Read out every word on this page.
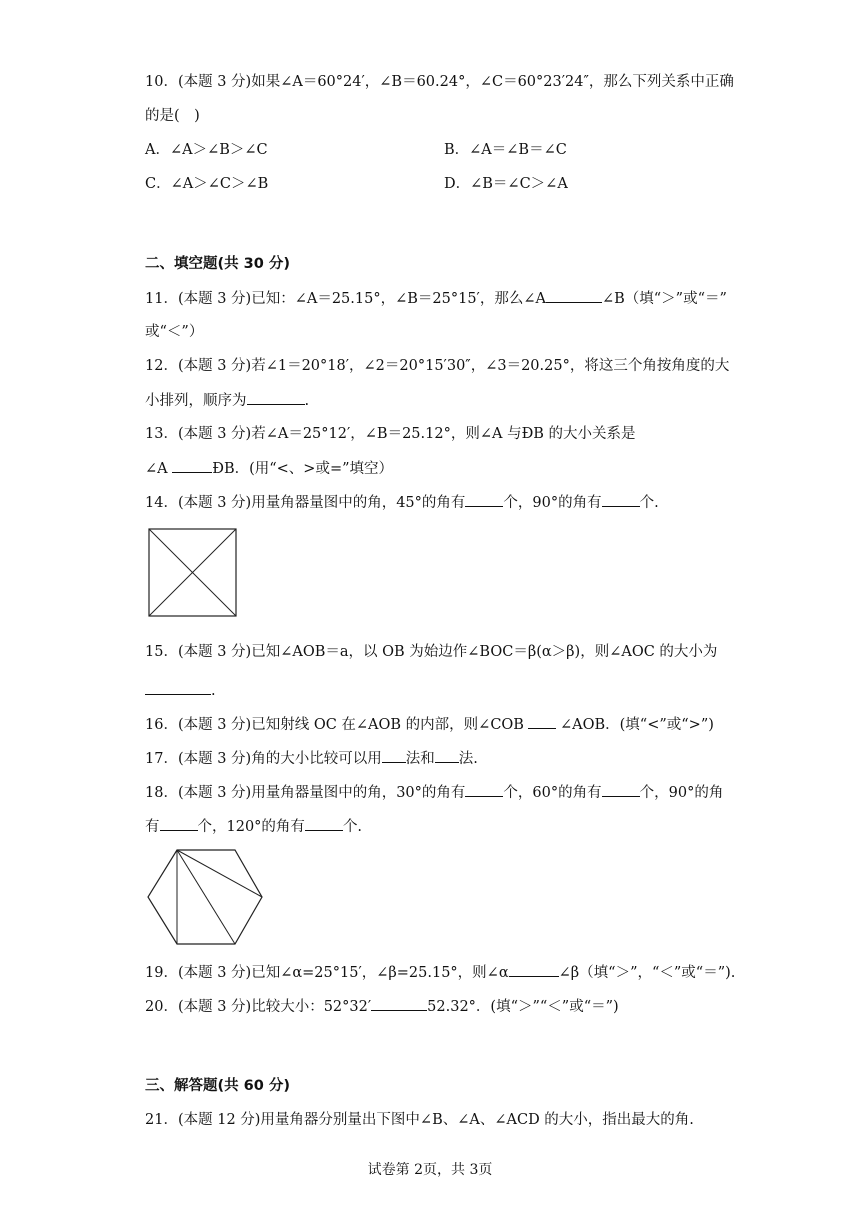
10．(本题 3 分)如果∠A＝60°24′，∠B＝60.24°，∠C＝60°23′24″，那么下列关系中正确
的是(　)
A．∠A＞∠B＞∠C	B．∠A＝∠B＝∠C
C．∠A＞∠C＞∠B	D．∠B＝∠C＞∠A
二、填空题(共 30 分)
11．(本题 3 分)已知：∠A＝25.15°，∠B＝25°15′，那么∠A	∠B（填“＞”或“＝”
或“＜”）
12．(本题 3 分)若∠1＝20°18′，∠2＝20°15′30″，∠3＝20.25°，将这三个角按角度的大
小排列，顺序为	.
13．(本题 3 分)若∠A＝25°12′，∠B＝25.12°，则∠A 与ÐB 的大小关系是
∠A	ÐB．(用“<、>或=”填空）
14．(本题 3 分)用量角器量图中的角，45°的角有	个，90°的角有	个.
15．(本题 3 分)已知∠AOB＝a，以 OB 为始边作∠BOC＝β(α＞β)，则∠AOC 的大小为
.
16．(本题 3 分)已知射线 OC 在∠AOB 的内部，则∠COB ∠AOB．(填“<”或“>”)
17．(本题 3 分)角的大小比较可以用 法和 法.
18．(本题 3 分)用量角器量图中的角，30°的角有	个，60°的角有	个，90°的角
有	个，120°的角有	个.
19．(本题 3 分)已知∠α=25°15′，∠β=25.15°，则∠α	∠β（填“＞”，“＜”或“＝”).
20．(本题 3 分)比较大小：52°32′	52.32°．(填“＞”“＜”或“＝”)
三、解答题(共 60 分)
21．(本题 12 分)用量角器分别量出下图中∠B、∠A、∠ACD 的大小，指出最大的角.
试卷第 2页，共 3页
